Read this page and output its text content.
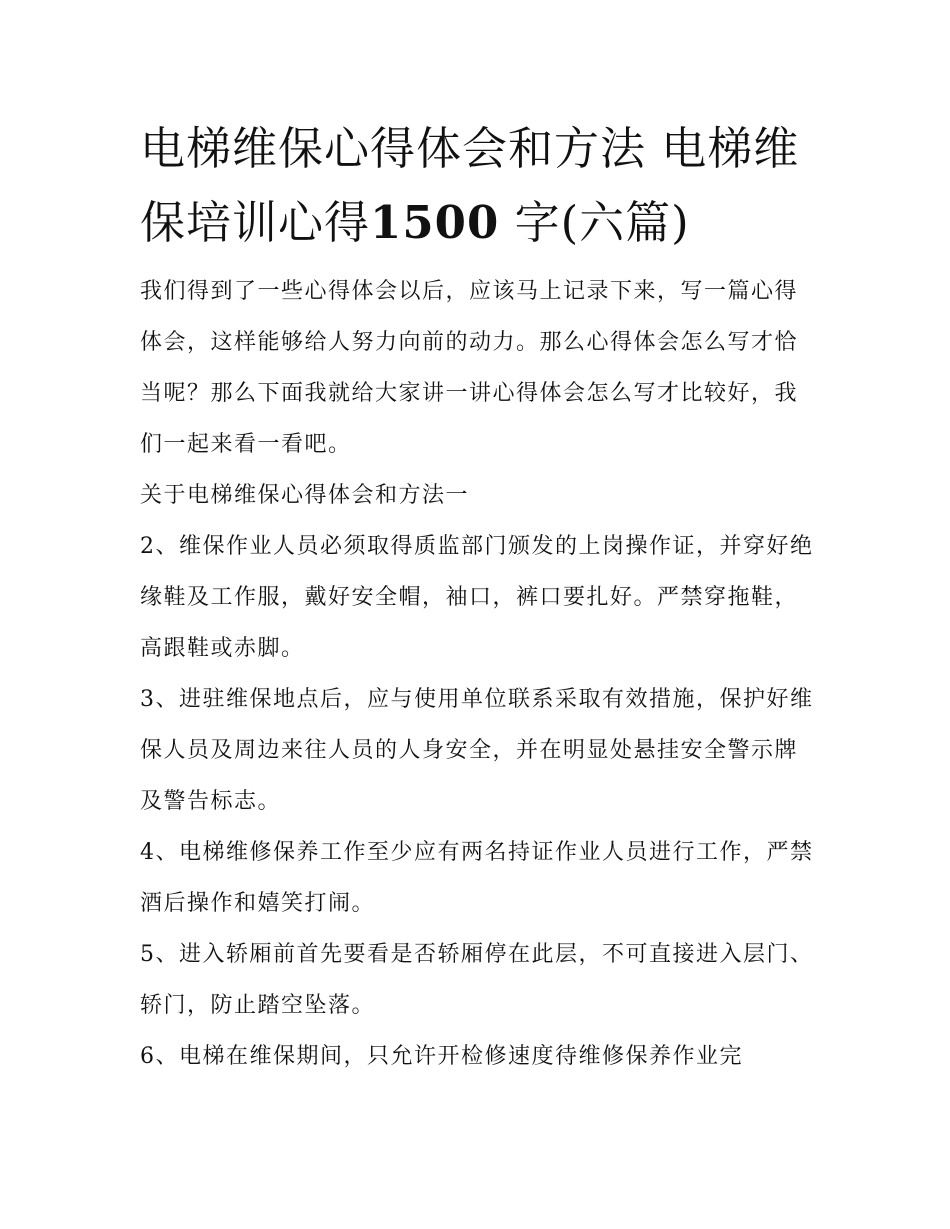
电梯维保心得体会和方法 电梯维保培训心得1500 字(六篇)

我们得到了一些心得体会以后，应该马上记录下来，写一篇心得体会，这样能够给人努力向前的动力。那么心得体会怎么写才恰当呢？那么下面我就给大家讲一讲心得体会怎么写才比较好，我们一起来看一看吧。

关于电梯维保心得体会和方法一

2、维保作业人员必须取得质监部门颁发的上岗操作证，并穿好绝缘鞋及工作服，戴好安全帽，袖口，裤口要扎好。严禁穿拖鞋，高跟鞋或赤脚。

3、进驻维保地点后，应与使用单位联系采取有效措施，保护好维保人员及周边来往人员的人身安全，并在明显处悬挂安全警示牌及警告标志。

4、电梯维修保养工作至少应有两名持证作业人员进行工作，严禁酒后操作和嬉笑打闹。

5、进入轿厢前首先要看是否轿厢停在此层，不可直接进入层门、轿门，防止踏空坠落。

6、电梯在维保期间，只允许开检修速度待维修保养作业完
